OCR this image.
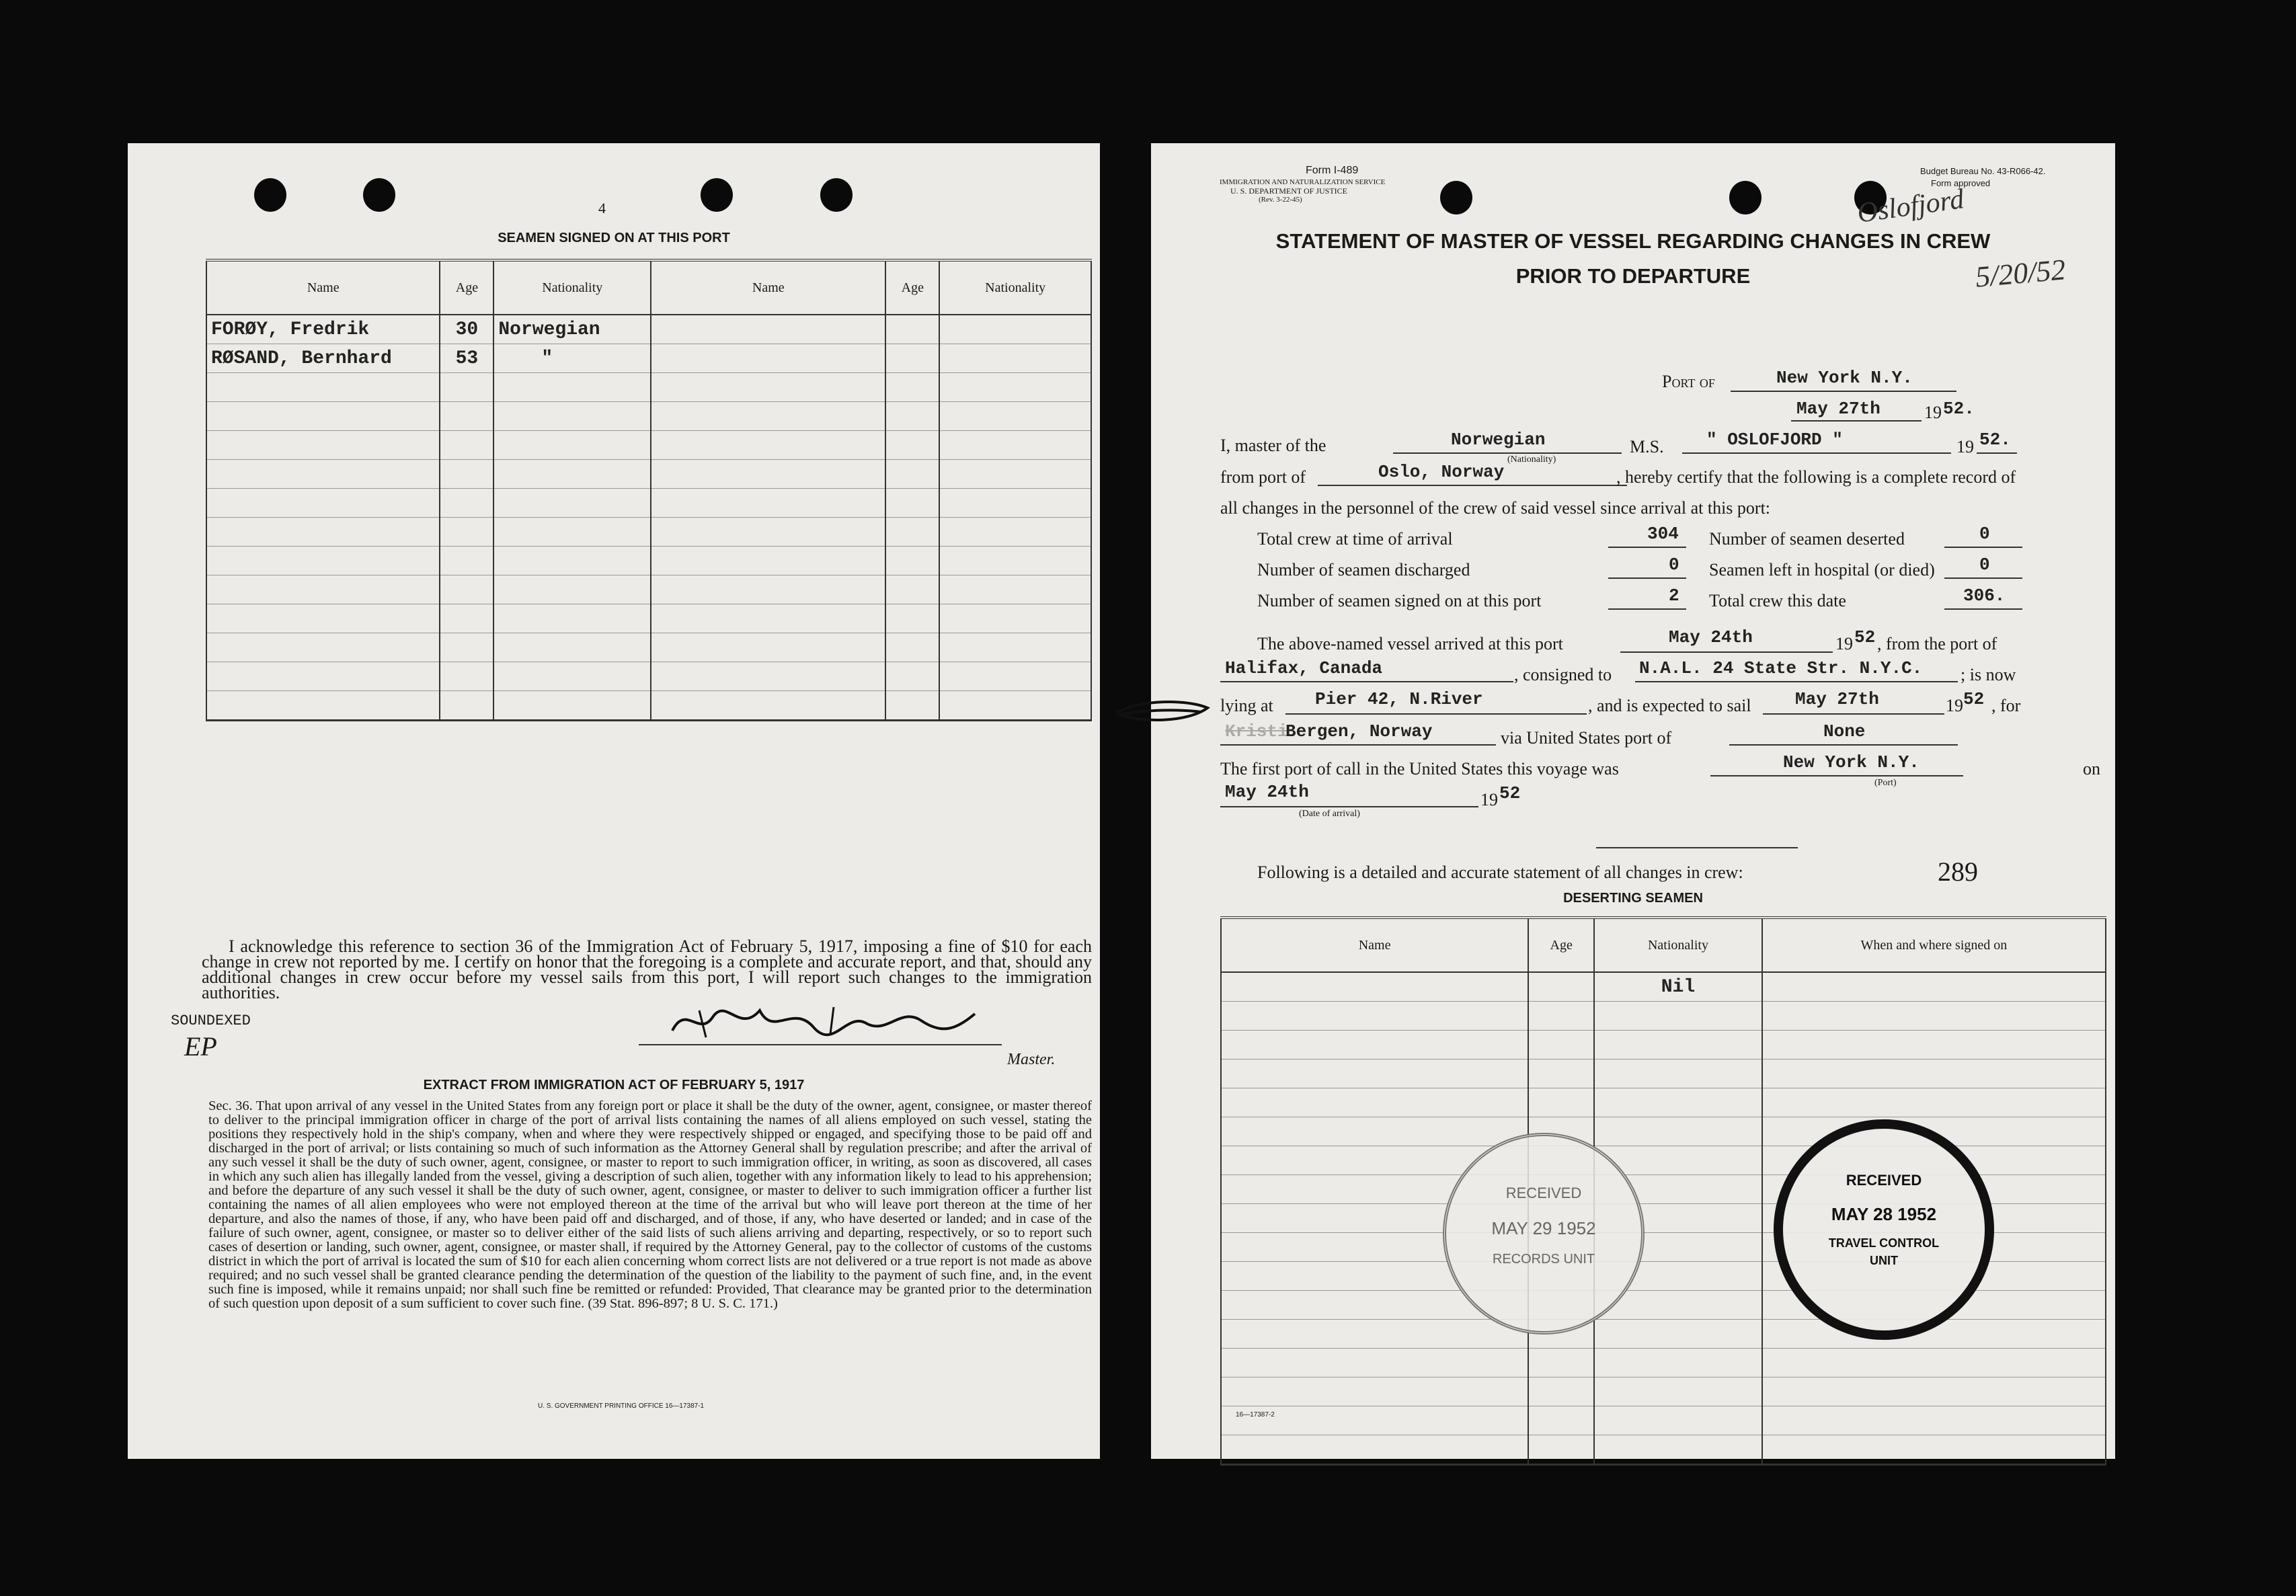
4
SEAMEN SIGNED ON AT THIS PORT
Name	Age	Nationality	Name	Age	Nationality
FORØY, Fredrik	30	Norwegian			
RØSAND, Bernhard	53	"			

I acknowledge this reference to section 36 of the Immigration Act of February 5, 1917, imposing a fine of $10 for each change in crew not reported by me. I certify on honor that the foregoing is a complete and accurate report, and that, should any additional changes in crew occur before my vessel sails from this port, I will report such changes to the immigration authorities.
SOUNDEXED
EP	Master.
EXTRACT FROM IMMIGRATION ACT OF FEBRUARY 5, 1917
Sec. 36. That upon arrival of any vessel in the United States from any foreign port or place it shall be the duty of the owner, agent, consignee, or master thereof to deliver to the principal immigration officer in charge of the port of arrival lists containing the names of all aliens employed on such vessel, stating the positions they respectively hold in the ship's company, when and where they were respectively shipped or engaged, and specifying those to be paid off and discharged in the port of arrival; or lists containing so much of such information as the Attorney General shall by regulation prescribe; and after the arrival of any such vessel it shall be the duty of such owner, agent, consignee, or master to report to such immigration officer, in writing, as soon as discovered, all cases in which any such alien has illegally landed from the vessel, giving a description of such alien, together with any information likely to lead to his apprehension; and before the departure of any such vessel it shall be the duty of such owner, agent, consignee, or master to deliver to such immigration officer a further list containing the names of all alien employees who were not employed thereon at the time of the arrival but who will leave port thereon at the time of her departure, and also the names of those, if any, who have been paid off and discharged, and of those, if any, who have deserted or landed; and in case of the failure of such owner, agent, consignee, or master so to deliver either of the said lists of such aliens arriving and departing, respectively, or so to report such cases of desertion or landing, such owner, agent, consignee, or master shall, if required by the Attorney General, pay to the collector of customs of the customs district in which the port of arrival is located the sum of $10 for each alien concerning whom correct lists are not delivered or a true report is not made as above required; and no such vessel shall be granted clearance pending the determination of the question of the liability to the payment of such fine, and, in the event such fine is imposed, while it remains unpaid; nor shall such fine be remitted or refunded: Provided, That clearance may be granted prior to the determination of such question upon deposit of a sum sufficient to cover such fine. (39 Stat. 896-897; 8 U. S. C. 171.)
U. S. GOVERNMENT PRINTING OFFICE 16—17387-1
Form I-489
IMMIGRATION AND NATURALIZATION SERVICE
U. S. DEPARTMENT OF JUSTICE
(Rev. 3-22-45)
Budget Bureau No. 43-R066-42.
Form approved
Oslofjord
5/20/52
STATEMENT OF MASTER OF VESSEL REGARDING CHANGES IN CREW
PRIOR TO DEPARTURE
Port of	New York N.Y.
May 27th	19 52.
I, master of the	Norwegian
(Nationality)
M.S. " OSLOFJORD "	19 52.
from port of	Oslo, Norway	, hereby certify that the following is a complete record of
all changes in the personnel of the crew of said vessel since arrival at this port:
Total crew at time of arrival	304 Number of seamen deserted	0
Number of seamen discharged	0 Seamen left in hospital (or died)	0
Number of seamen signed on at this port	2 Total crew this date	306.
The above-named vessel arrived at this port	May 24th	19 52 , from the port of
Halifax, Canada	, consigned to N.A.L. 24 State Str. N.Y.C. ; is now
lying at Pier 42, N.River	, and is expected to sail	May 27th	19 52 , for
Kristi
Bergen, Norway	via United States port of	None
The first port of call in the United States this voyage was	New York N.Y.
(Port)
on
May 24th
(Date of arrival)
19 52
Following is a detailed and accurate statement of all changes in crew:	289
DESERTING SEAMEN
Name	Age	Nationality	When and where signed on
		Nil	

RECEIVED
MAY 29 1952
RECORDS UNIT
RECEIVED
MAY 28 1952
TRAVEL CONTROL
UNIT
16—17387-2
